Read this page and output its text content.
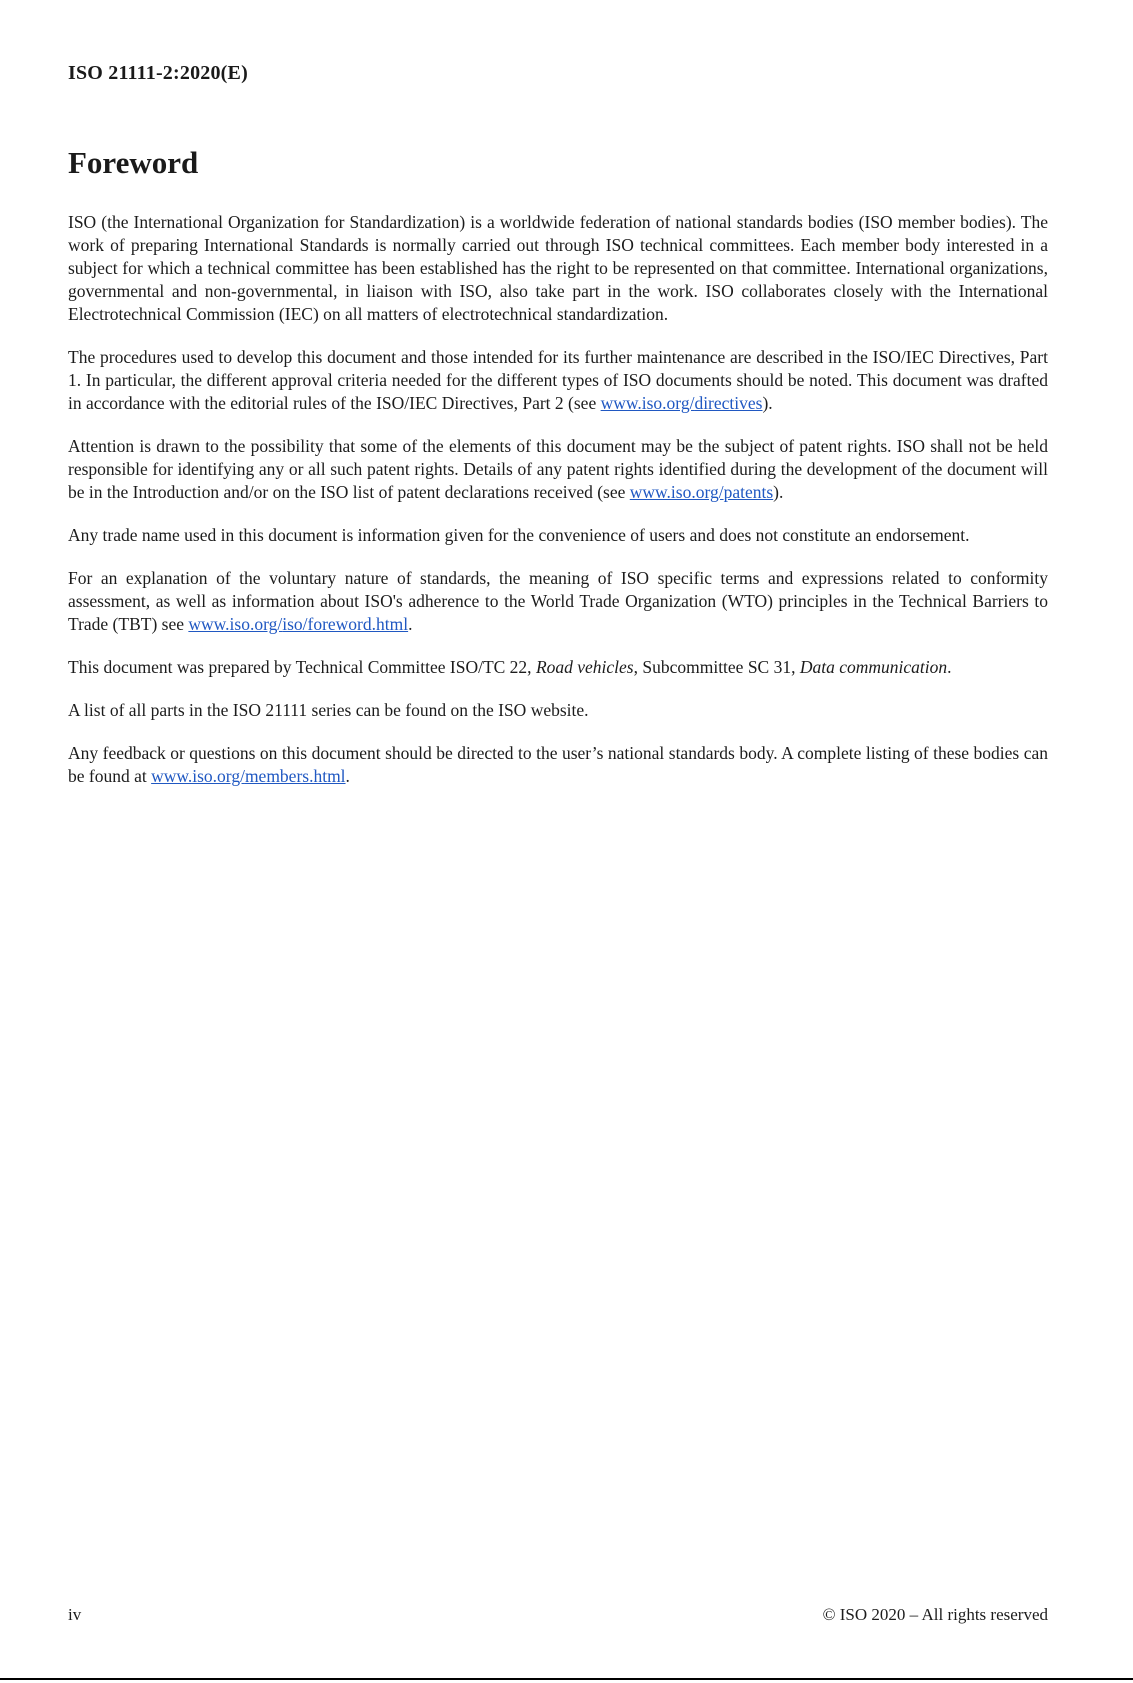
ISO 21111-2:2020(E)
Foreword

ISO (the International Organization for Standardization) is a worldwide federation of national standards bodies (ISO member bodies). The work of preparing International Standards is normally carried out through ISO technical committees. Each member body interested in a subject for which a technical committee has been established has the right to be represented on that committee. International organizations, governmental and non-governmental, in liaison with ISO, also take part in the work. ISO collaborates closely with the International Electrotechnical Commission (IEC) on all matters of electrotechnical standardization.

The procedures used to develop this document and those intended for its further maintenance are described in the ISO/IEC Directives, Part 1. In particular, the different approval criteria needed for the different types of ISO documents should be noted. This document was drafted in accordance with the editorial rules of the ISO/IEC Directives, Part 2 (see www.iso.org/directives).

Attention is drawn to the possibility that some of the elements of this document may be the subject of patent rights. ISO shall not be held responsible for identifying any or all such patent rights. Details of any patent rights identified during the development of the document will be in the Introduction and/or on the ISO list of patent declarations received (see www.iso.org/patents).

Any trade name used in this document is information given for the convenience of users and does not constitute an endorsement.

For an explanation of the voluntary nature of standards, the meaning of ISO specific terms and expressions related to conformity assessment, as well as information about ISO's adherence to the World Trade Organization (WTO) principles in the Technical Barriers to Trade (TBT) see www.iso.org/iso/foreword.html.

This document was prepared by Technical Committee ISO/TC 22, Road vehicles, Subcommittee SC 31, Data communication.

A list of all parts in the ISO 21111 series can be found on the ISO website.

Any feedback or questions on this document should be directed to the user’s national standards body. A complete listing of these bodies can be found at www.iso.org/members.html.

iv	© ISO 2020 – All rights reserved
